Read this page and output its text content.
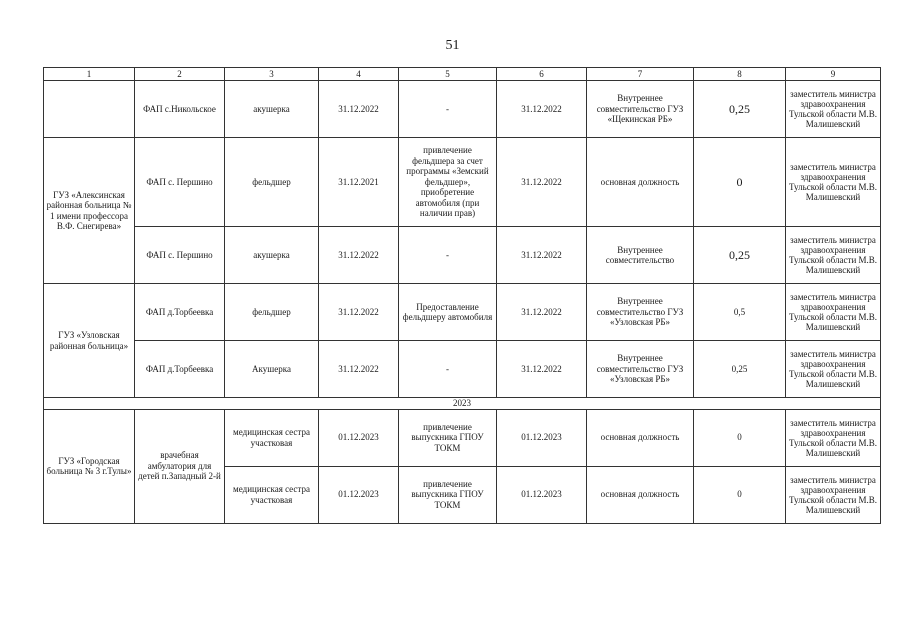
51
1	2	3	4	5	6	7	8	9
	ФАП с.Никольское	акушерка	31.12.2022	-	31.12.2022	Внутреннее совместительство ГУЗ «Щекинская РБ»	0,25	заместитель министра здравоохранения Тульской области М.В. Малишевский
ГУЗ «Алексинская районная больница № 1 имени профессора В.Ф. Снегирева»	ФАП с. Першино	фельдшер	31.12.2021	привлечение фельдшера за счет программы «Земский фельдшер», приобретение автомобиля (при наличии прав)	31.12.2022	основная должность	0	заместитель министра здравоохранения Тульской области М.В. Малишевский
	ФАП с. Першино	акушерка	31.12.2022	-	31.12.2022	Внутреннее совместительство	0,25	заместитель министра здравоохранения Тульской области М.В. Малишевский
ГУЗ «Узловская районная больница»	ФАП д.Торбеевка	фельдшер	31.12.2022	Предоставление фельдшеру автомобиля	31.12.2022	Внутреннее совместительство ГУЗ «Узловская РБ»	0,5	заместитель министра здравоохранения Тульской области М.В. Малишевский
	ФАП д.Торбеевка	Акушерка	31.12.2022	-	31.12.2022	Внутреннее совместительство ГУЗ «Узловская РБ»	0,25	заместитель министра здравоохранения Тульской области М.В. Малишевский
2023								
ГУЗ «Городская больница № 3 г.Тулы»	врачебная амбулатория для детей п.Западный 2-й	медицинская сестра участковая	01.12.2023	привлечение выпускника ГПОУ ТОКМ	01.12.2023	основная должность	0	заместитель министра здравоохранения Тульской области М.В. Малишевский
		медицинская сестра участковая	01.12.2023	привлечение выпускника ГПОУ ТОКМ	01.12.2023	основная должность	0	заместитель министра здравоохранения Тульской области М.В. Малишевский
